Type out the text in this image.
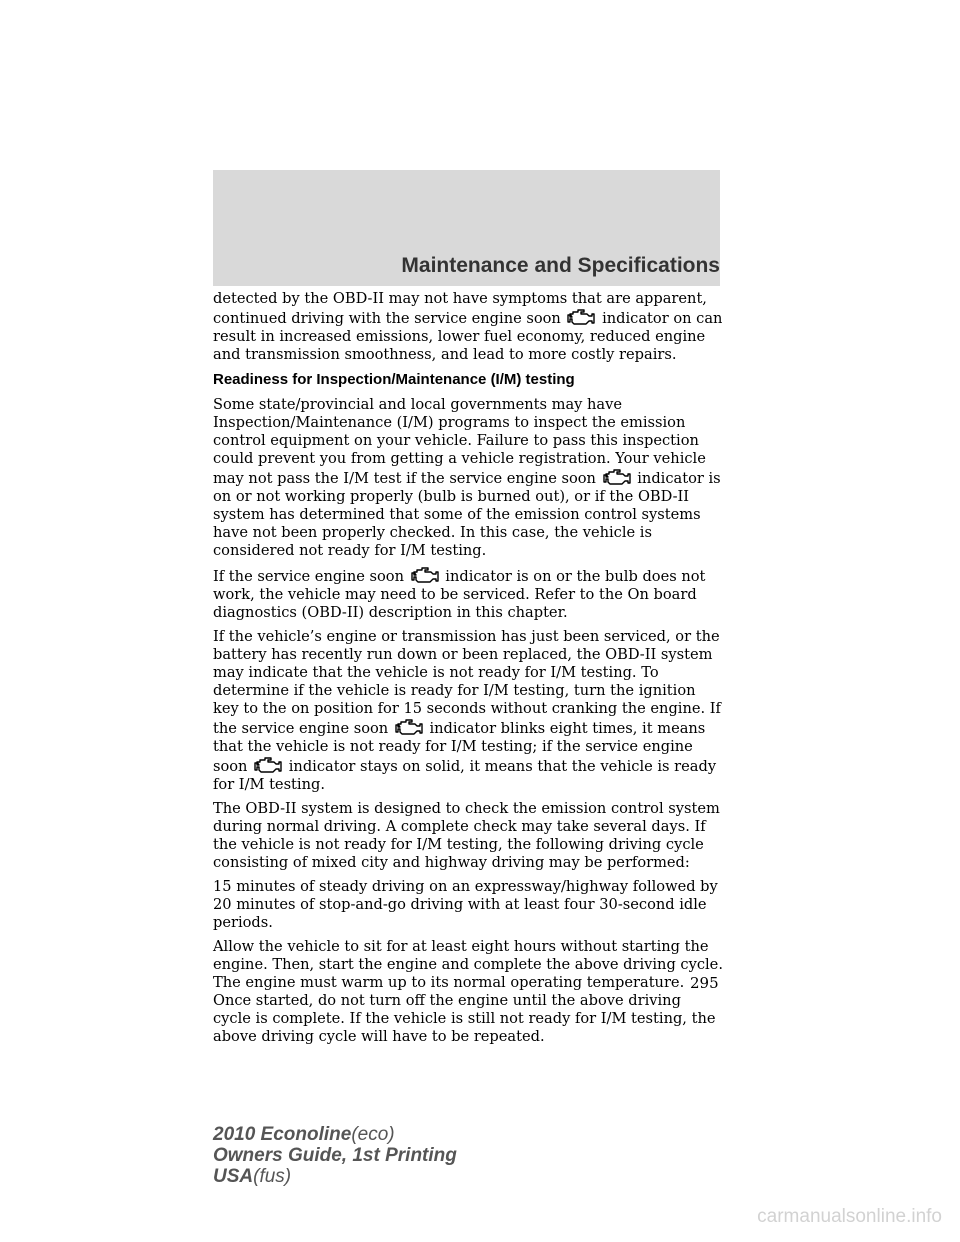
Maintenance and Specifications

detected by the OBD-II may not have symptoms that are apparent, continued driving with the service engine soon	indicator on can result in increased emissions, lower fuel economy, reduced engine and transmission smoothness, and lead to more costly repairs.

Readiness for Inspection/Maintenance (I/M) testing

Some state/provincial and local governments may have Inspection/Maintenance (I/M) programs to inspect the emission control equipment on your vehicle. Failure to pass this inspection could prevent you from getting a vehicle registration. Your vehicle may not pass the I/M test if the service engine soon	indicator is on or not working properly (bulb is burned out), or if the OBD-II system has determined that some of the emission control systems have not been properly checked. In this case, the vehicle is considered not ready for I/M testing.

If the service engine soon	indicator is on or the bulb does not work, the vehicle may need to be serviced. Refer to the On board diagnostics (OBD-II) description in this chapter.

If the vehicle’s engine or transmission has just been serviced, or the battery has recently run down or been replaced, the OBD-II system may indicate that the vehicle is not ready for I/M testing. To determine if the vehicle is ready for I/M testing, turn the ignition key to the on position for 15 seconds without cranking the engine. If the service engine soon	indicator blinks eight times, it means that the vehicle is not ready for I/M testing; if the service engine soon	indicator stays on solid, it means that the vehicle is ready for I/M testing.

The OBD-II system is designed to check the emission control system during normal driving. A complete check may take several days. If the vehicle is not ready for I/M testing, the following driving cycle consisting of mixed city and highway driving may be performed:

15 minutes of steady driving on an expressway/highway followed by 20 minutes of stop-and-go driving with at least four 30-second idle periods.

Allow the vehicle to sit for at least eight hours without starting the engine. Then, start the engine and complete the above driving cycle. The engine must warm up to its normal operating temperature. Once started, do not turn off the engine until the above driving cycle is complete. If the vehicle is still not ready for I/M testing, the above driving cycle will have to be repeated.

295
2010 Econoline(eco)
Owners Guide, 1st Printing
USA(fus)
carmanualsonline.info
